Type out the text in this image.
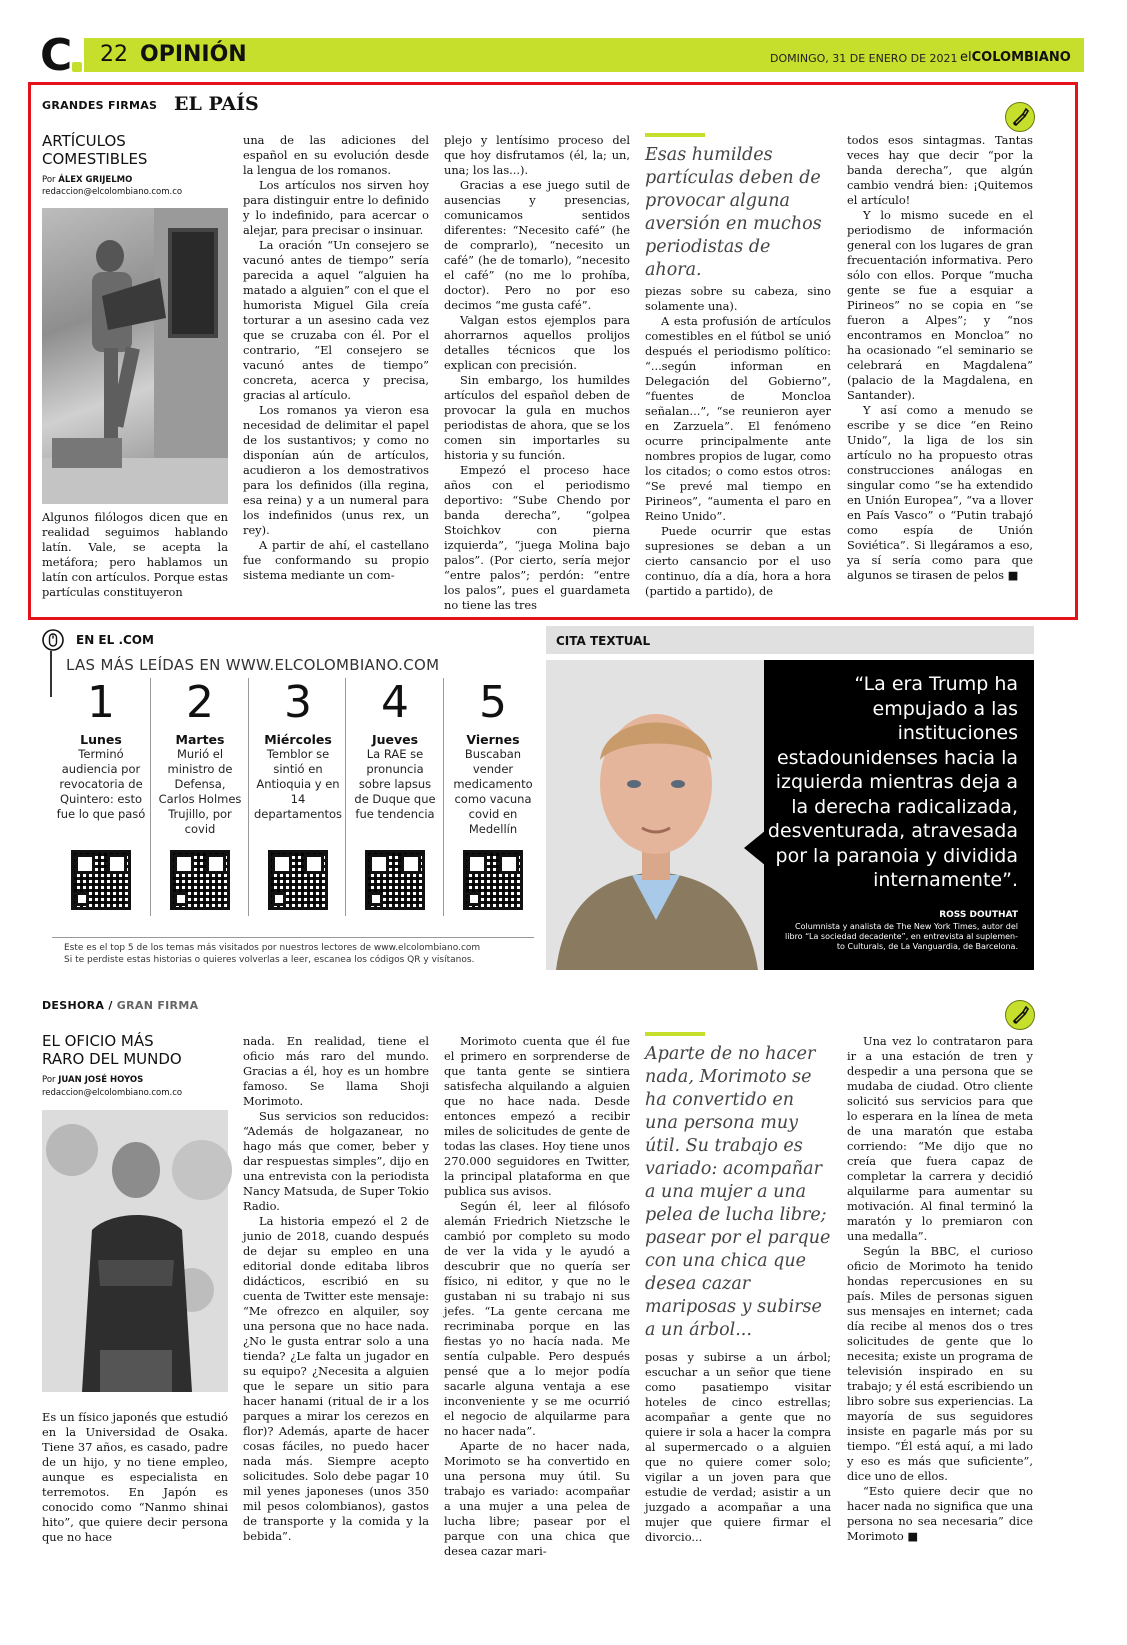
C	22 OPINIÓN	DOMINGO, 31 DE ENERO DE 2021 elCOLOMBIANO
GRANDES FIRMAS EL PAÍS
ARTÍCULOS
COMESTIBLES
Por ÁLEX GRIJELMO
redaccion@elcolombiano.com.co
Algunos filólogos dicen que en realidad seguimos hablando latín. Vale, se acepta la metáfora; pero hablamos un latín con artículos. Porque estas partículas constituyeron

una de las adiciones del español en su evolución desde la lengua de los romanos.

Los artículos nos sirven hoy para distinguir entre lo definido y lo indefinido, para acercar o alejar, para precisar o insinuar.

La oración “Un consejero se vacunó antes de tiempo” sería parecida a aquel “alguien ha matado a alguien” con el que el humorista Miguel Gila creía torturar a un asesino cada vez que se cruzaba con él. Por el contrario, “El consejero se vacunó antes de tiempo” concreta, acerca y precisa, gracias al artículo.

Los romanos ya vieron esa necesidad de delimitar el papel de los sustantivos; y como no disponían aún de artículos, acudieron a los demostrativos para los definidos (illa regina, esa reina) y a un numeral para los indefinidos (unus rex, un rey).

A partir de ahí, el castellano fue conformando su propio sistema mediante un com-

plejo y lentísimo proceso del que hoy disfrutamos (él, la; un, una; los las...).

Gracias a ese juego sutil de ausencias y presencias, comunicamos sentidos diferentes: “Necesito café” (he de comprarlo), “necesito un café” (he de tomarlo), “necesito el café” (no me lo prohíba, doctor). Pero no por eso decimos “me gusta café”.

Valgan estos ejemplos para ahorrarnos aquellos prolijos detalles técnicos que los explican con precisión.

Sin embargo, los humildes artículos del español deben de provocar la gula en muchos periodistas de ahora, que se los comen sin importarles su historia y su función.

Empezó el proceso hace años con el periodismo deportivo: “Sube Chendo por banda derecha”, “golpea Stoichkov con pierna izquierda”, “juega Molina bajo palos”. (Por cierto, sería mejor “entre palos”; perdón: “entre los palos”, pues el guardameta no tiene las tres

Esas humildes partículas deben de provocar alguna aversión en muchos periodistas de ahora.

piezas sobre su cabeza, sino solamente una).

A esta profusión de artículos comestibles en el fútbol se unió después el periodismo político: “...según informan en Delegación del Gobierno”, “fuentes de Moncloa señalan...”, “se reunieron ayer en Zarzuela”. El fenómeno ocurre principalmente ante nombres propios de lugar, como los citados; o como estos otros: “Se prevé mal tiempo en Pirineos”, “aumenta el paro en Reino Unido”.

Puede ocurrir que estas supresiones se deban a un cierto cansancio por el uso continuo, día a día, hora a hora (partido a partido), de

todos esos sintagmas. Tantas veces hay que decir “por la banda derecha”, que algún cambio vendrá bien: ¡Quitemos el artículo!

Y lo mismo sucede en el periodismo de información general con los lugares de gran frecuentación informativa. Pero sólo con ellos. Porque “mucha gente se fue a esquiar a Pirineos” no se copia en “se fueron a Alpes”; y “nos encontramos en Moncloa” no ha ocasionado “el seminario se celebrará en Magdalena” (palacio de la Magdalena, en Santander).

Y así como a menudo se escribe y se dice “en Reino Unido”, la liga de los sin artículo no ha propuesto otras construcciones análogas en singular como “se ha extendido en Unión Europea”, “va a llover en País Vasco” o “Putin trabajó como espía de Unión Soviética”. Si llegáramos a eso, ya sí sería como para que algunos se tirasen de pelos ■

EN EL .COM
LAS MÁS LEÍDAS EN WWW.ELCOLOMBIANO.COM
1
Lunes
Terminó audiencia por revocatoria de Quintero: esto fue lo que pasó
2
Martes
Murió el ministro de Defensa, Carlos Holmes Trujillo, por covid
3
Miércoles
Temblor se sintió en Antioquia y en 14 departamentos
4
Jueves
La RAE se pronuncia sobre lapsus de Duque que fue tendencia
5
Viernes
Buscaban vender medicamento como vacuna covid en Medellín
Este es el top 5 de los temas más visitados por nuestros lectores de www.elcolombiano.com
Si te perdiste estas historias o quieres volverlas a leer, escanea los códigos QR y visítanos.
CITA TEXTUAL
“La era Trump ha empujado a las instituciones estadounidenses hacia la izquierda mientras deja a la derecha radicalizada, desventurada, atravesada por la paranoia y dividida internamente”.
ROSS DOUTHAT
Columnista y analista de The New York Times, autor del
libro “La sociedad decadente”, en entrevista al suplemen-
to Culturals, de La Vanguardia, de Barcelona.
DESHORA / GRAN FIRMA
EL OFICIO MÁS
RARO DEL MUNDO
Por JUAN JOSÉ HOYOS
redaccion@elcolombiano.com.co
Es un físico japonés que estudió en la Universidad de Osaka. Tiene 37 años, es casado, padre de un hijo, y no tiene empleo, aunque es especialista en terremotos. En Japón es conocido como “Nanmo shinai hito”, que quiere decir persona que no hace

nada. En realidad, tiene el oficio más raro del mundo. Gracias a él, hoy es un hombre famoso. Se llama Shoji Morimoto.

Sus servicios son reducidos: “Además de holgazanear, no hago más que comer, beber y dar respuestas simples”, dijo en una entrevista con la periodista Nancy Matsuda, de Super Tokio Radio.

La historia empezó el 2 de junio de 2018, cuando después de dejar su empleo en una editorial donde editaba libros didácticos, escribió en su cuenta de Twitter este mensaje: “Me ofrezco en alquiler, soy una persona que no hace nada. ¿No le gusta entrar solo a una tienda? ¿Le falta un jugador en su equipo? ¿Necesita a alguien que le separe un sitio para hacer hanami (ritual de ir a los parques a mirar los cerezos en flor)? Además, aparte de hacer cosas fáciles, no puedo hacer nada más. Siempre acepto solicitudes. Solo debe pagar 10 mil yenes japoneses (unos 350 mil pesos colombianos), gastos de transporte y la comida y la bebida”.

Morimoto cuenta que él fue el primero en sorprenderse de que tanta gente se sintiera satisfecha alquilando a alguien que no hace nada. Desde entonces empezó a recibir miles de solicitudes de gente de todas las clases. Hoy tiene unos 270.000 seguidores en Twitter, la principal plataforma en que publica sus avisos.

Según él, leer al filósofo alemán Friedrich Nietzsche le cambió por completo su modo de ver la vida y le ayudó a descubrir que no quería ser físico, ni editor, y que no le gustaban ni su trabajo ni sus jefes. “La gente cercana me recriminaba porque en las fiestas yo no hacía nada. Me sentía culpable. Pero después pensé que a lo mejor podía sacarle alguna ventaja a ese inconveniente y se me ocurrió el negocio de alquilarme para no hacer nada”.

Aparte de no hacer nada, Morimoto se ha convertido en una persona muy útil. Su trabajo es variado: acompañar a una mujer a una pelea de lucha libre; pasear por el parque con una chica que desea cazar mari-

Aparte de no hacer nada, Morimoto se ha convertido en una persona muy útil. Su trabajo es variado: acompañar a una mujer a una pelea de lucha libre; pasear por el parque con una chica que desea cazar mariposas y subirse a un árbol...

posas y subirse a un árbol; escuchar a un señor que tiene como pasatiempo visitar hoteles de cinco estrellas; acompañar a gente que no quiere ir sola a hacer la compra al supermercado o a alguien que no quiere comer solo; vigilar a un joven para que estudie de verdad; asistir a un juzgado a acompañar a una mujer que quiere firmar el divorcio...

Una vez lo contrataron para ir a una estación de tren y despedir a una persona que se mudaba de ciudad. Otro cliente solicitó sus servicios para que lo esperara en la línea de meta de una maratón que estaba corriendo: “Me dijo que no creía que fuera capaz de completar la carrera y decidió alquilarme para aumentar su motivación. Al final terminó la maratón y lo premiaron con una medalla”.

Según la BBC, el curioso oficio de Morimoto ha tenido hondas repercusiones en su país. Miles de personas siguen sus mensajes en internet; cada día recibe al menos dos o tres solicitudes de gente que lo necesita; existe un programa de televisión inspirado en su trabajo; y él está escribiendo un libro sobre sus experiencias. La mayoría de sus seguidores insiste en pagarle más por su tiempo. “Él está aquí, a mi lado y eso es más que suficiente”, dice uno de ellos.

“Esto quiere decir que no hacer nada no significa que una persona no sea necesaria” dice Morimoto ■
